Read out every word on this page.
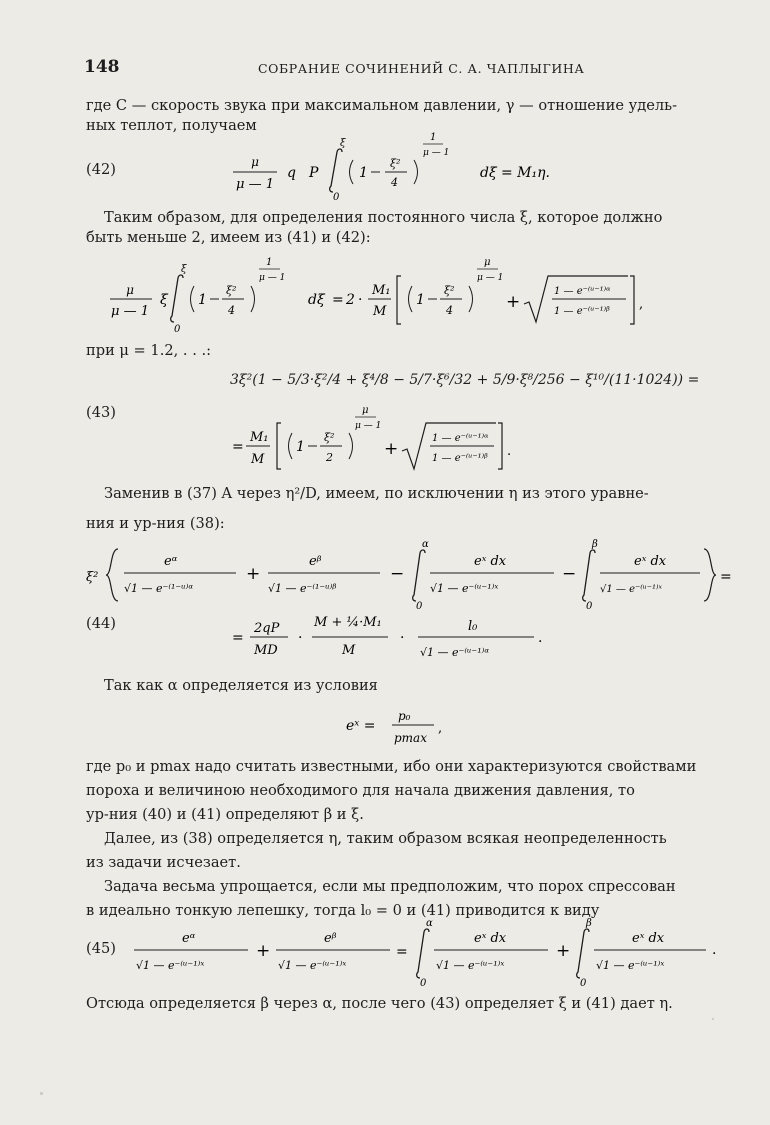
148	СОБРАНИЕ СОЧИНЕНИЙ С. А. ЧАПЛЫГИНА
где C — скорость звука при максимальном давлении, γ — отношение удель-
ных теплот, получаем
(42)	μ
μ — 1
q P
ξ
0
1
ξ²
4
1
μ — 1
dξ = M₁η.
Таким образом, для определения постоянного числа ξ, которое должно
быть меньше 2, имеем из (41) и (42):
μ
μ — 1
ξ
ξ
0
1
ξ²
4
1
μ — 1
dξ = 2 ·
M₁
M
1
ξ²
4
μ
μ — 1
+
1 — e⁻⁽ᵘ⁻¹⁾ᵅ
1 — e⁻⁽ᵘ⁻¹⁾ᵝ ,
при μ = 1.2, . . .:
(43)
3ξ²(1 − 5/3·ξ²/4 + ξ⁴/8 − 5/7·ξ⁶/32 + 5/9·ξ⁸/256 − ξ¹⁰/(11·1024)) =
=
M₁
M
1
ξ²
2
μ
μ — 1
+
1 — e⁻⁽ᵘ⁻¹⁾ᵅ
1 — e⁻⁽ᵘ⁻¹⁾ᵝ .
Заменив в (37) A через η²/D, имеем, по исключении η из этого уравне-
ния и ур-ния (38):
ξ²
eᵅ
√1 — e⁻⁽¹⁻ᵘ⁾ᵅ
+
eᵝ
√1 — e⁻⁽¹⁻ᵘ⁾ᵝ
−
α
0
eˣ dx
√1 — e⁻⁽ᵘ⁻¹⁾ˣ
−
β
0
eˣ dx
√1 — e⁻⁽ᵘ⁻¹⁾ˣ
=
(44)
=
2qP
MD
·
M + ¼·M₁
M
·
l₀
√1 — e⁻⁽ᵘ⁻¹⁾ᵅ
.
Так как α определяется из условия
eˣ =
p₀
pmax
,
где p₀ и pmax надо считать известными, ибо они характеризуются свойствами
пороха и величиною необходимого для начала движения давления, то
ур-ния (40) и (41) определяют β и ξ.
Далее, из (38) определяется η, таким образом всякая неопределенность
из задачи исчезает.
Задача весьма упрощается, если мы предположим, что порох спрессован
в идеально тонкую лепешку, тогда l₀ = 0 и (41) приводится к виду
(45)
eᵅ
√1 — e⁻⁽ᵘ⁻¹⁾ˣ
+
eᵝ
√1 — e⁻⁽ᵘ⁻¹⁾ˣ
=
α
0
eˣ dx
√1 — e⁻⁽ᵘ⁻¹⁾ˣ
+
β
0
eˣ dx
√1 — e⁻⁽ᵘ⁻¹⁾ˣ
.
Отсюда определяется β через α, после чего (43) определяет ξ и (41) дает η.
